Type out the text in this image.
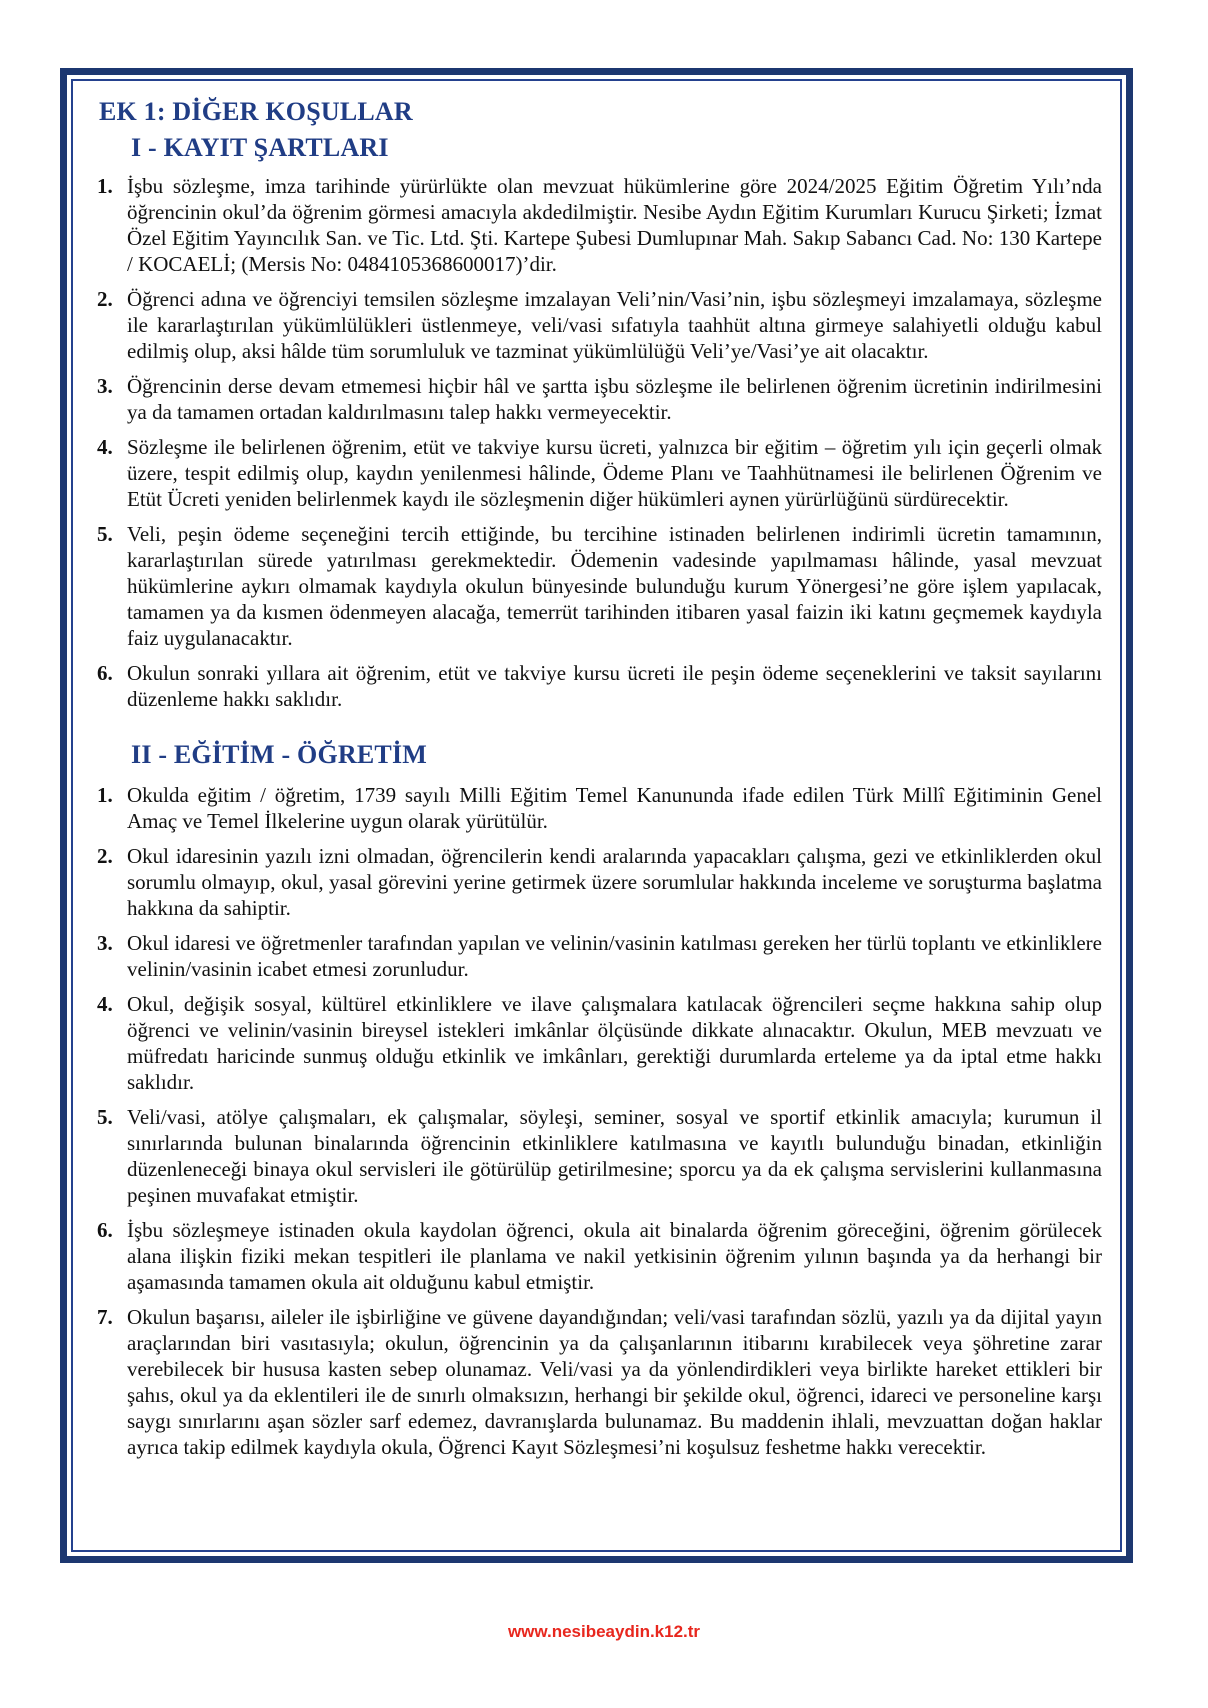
EK 1: DİĞER KOŞULLAR
I - KAYIT ŞARTLARI
1. İşbu sözleşme, imza tarihinde yürürlükte olan mevzuat hükümlerine göre 2024/2025 Eğitim Öğretim Yılı’nda öğrencinin okul’da öğrenim görmesi amacıyla akdedilmiştir. Nesibe Aydın Eğitim Kurumları Kurucu Şirketi; İzmat Özel Eğitim Yayıncılık San. ve Tic. Ltd. Şti. Kartepe Şubesi Dumlupınar Mah. Sakıp Sabancı Cad. No: 130 Kartepe / KOCAELİ; (Mersis No: 0484105368600017)’dir.
2. Öğrenci adına ve öğrenciyi temsilen sözleşme imzalayan Veli’nin/Vasi’nin, işbu sözleşmeyi imzalamaya, sözleşme ile kararlaştırılan yükümlülükleri üstlenmeye, veli/vasi sıfatıyla taahhüt altına girmeye salahiyetli olduğu kabul edilmiş olup, aksi hâlde tüm sorumluluk ve tazminat yükümlülüğü Veli’ye/Vasi’ye ait olacaktır.
3. Öğrencinin derse devam etmemesi hiçbir hâl ve şartta işbu sözleşme ile belirlenen öğrenim ücretinin indirilmesini ya da tamamen ortadan kaldırılmasını talep hakkı vermeyecektir.
4. Sözleşme ile belirlenen öğrenim, etüt ve takviye kursu ücreti, yalnızca bir eğitim – öğretim yılı için geçerli olmak üzere, tespit edilmiş olup, kaydın yenilenmesi hâlinde, Ödeme Planı ve Taahhütnamesi ile belirlenen Öğrenim ve Etüt Ücreti yeniden belirlenmek kaydı ile sözleşmenin diğer hükümleri aynen yürürlüğünü sürdürecektir.
5. Veli, peşin ödeme seçeneğini tercih ettiğinde, bu tercihine istinaden belirlenen indirimli ücretin tamamının, kararlaştırılan sürede yatırılması gerekmektedir. Ödemenin vadesinde yapılmaması hâlinde, yasal mevzuat hükümlerine aykırı olmamak kaydıyla okulun bünyesinde bulunduğu kurum Yönergesi’ne göre işlem yapılacak, tamamen ya da kısmen ödenmeyen alacağa, temerrüt tarihinden itibaren yasal faizin iki katını geçmemek kaydıyla faiz uygulanacaktır.
6. Okulun sonraki yıllara ait öğrenim, etüt ve takviye kursu ücreti ile peşin ödeme seçeneklerini ve taksit sayılarını düzenleme hakkı saklıdır.
II - EĞİTİM - ÖĞRETİM
1. Okulda eğitim / öğretim, 1739 sayılı Milli Eğitim Temel Kanununda ifade edilen Türk Millî Eğitiminin Genel Amaç ve Temel İlkelerine uygun olarak yürütülür.
2. Okul idaresinin yazılı izni olmadan, öğrencilerin kendi aralarında yapacakları çalışma, gezi ve etkinliklerden okul sorumlu olmayıp, okul, yasal görevini yerine getirmek üzere sorumlular hakkında inceleme ve soruşturma başlatma hakkına da sahiptir.
3. Okul idaresi ve öğretmenler tarafından yapılan ve velinin/vasinin katılması gereken her türlü toplantı ve etkinliklere velinin/vasinin icabet etmesi zorunludur.
4. Okul, değişik sosyal, kültürel etkinliklere ve ilave çalışmalara katılacak öğrencileri seçme hakkına sahip olup öğrenci ve velinin/vasinin bireysel istekleri imkânlar ölçüsünde dikkate alınacaktır. Okulun, MEB mevzuatı ve müfredatı haricinde sunmuş olduğu etkinlik ve imkânları, gerektiği durumlarda erteleme ya da iptal etme hakkı saklıdır.
5. Veli/vasi, atölye çalışmaları, ek çalışmalar, söyleşi, seminer, sosyal ve sportif etkinlik amacıyla; kurumun il sınırlarında bulunan binalarında öğrencinin etkinliklere katılmasına ve kayıtlı bulunduğu binadan, etkinliğin düzenleneceği binaya okul servisleri ile götürülüp getirilmesine; sporcu ya da ek çalışma servislerini kullanmasına peşinen muvafakat etmiştir.
6. İşbu sözleşmeye istinaden okula kaydolan öğrenci, okula ait binalarda öğrenim göreceğini, öğrenim görülecek alana ilişkin fiziki mekan tespitleri ile planlama ve nakil yetkisinin öğrenim yılının başında ya da herhangi bir aşamasında tamamen okula ait olduğunu kabul etmiştir.
7. Okulun başarısı, aileler ile işbirliğine ve güvene dayandığından; veli/vasi tarafından sözlü, yazılı ya da dijital yayın araçlarından biri vasıtasıyla; okulun, öğrencinin ya da çalışanlarının itibarını kırabilecek veya şöhretine zarar verebilecek bir hususa kasten sebep olunamaz. Veli/vasi ya da yönlendirdikleri veya birlikte hareket ettikleri bir şahıs, okul ya da eklentileri ile de sınırlı olmaksızın, herhangi bir şekilde okul, öğrenci, idareci ve personeline karşı saygı sınırlarını aşan sözler sarf edemez, davranışlarda bulunamaz. Bu maddenin ihlali, mevzuattan doğan haklar ayrıca takip edilmek kaydıyla okula, Öğrenci Kayıt Sözleşmesi’ni koşulsuz feshetme hakkı verecektir.
www.nesibeaydin.k12.tr
